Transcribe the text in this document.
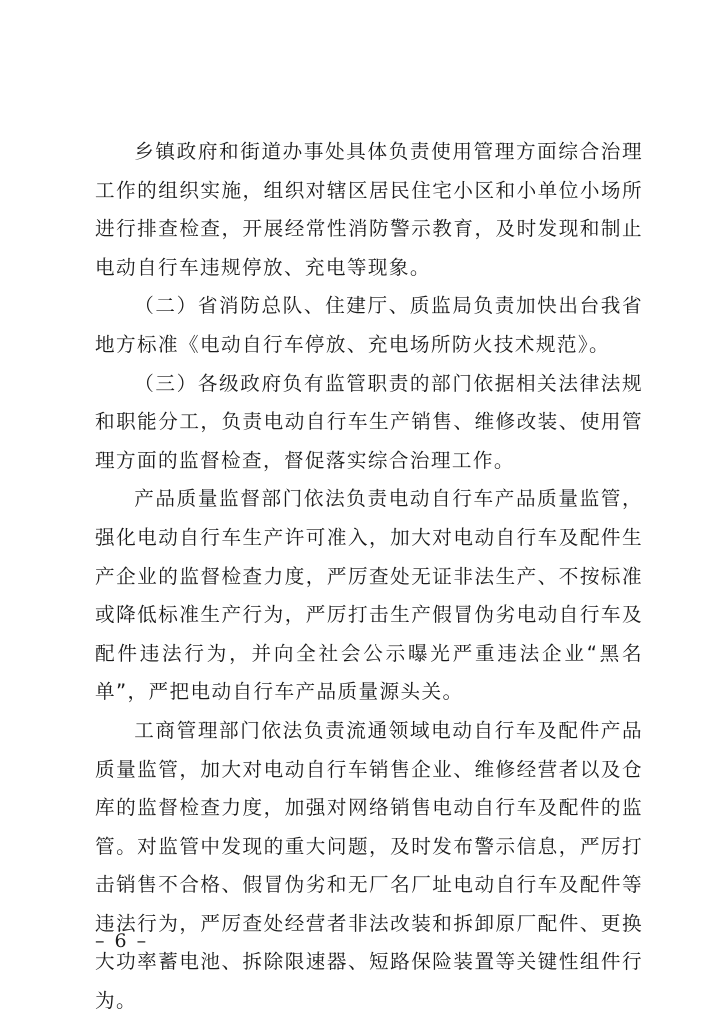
乡镇政府和街道办事处具体负责使用管理方面综合治理工作的组织实施，组织对辖区居民住宅小区和小单位小场所进行排查检查，开展经常性消防警示教育，及时发现和制止电动自行车违规停放、充电等现象。

（二）省消防总队、住建厅、质监局负责加快出台我省地方标准《电动自行车停放、充电场所防火技术规范》。

（三）各级政府负有监管职责的部门依据相关法律法规和职能分工，负责电动自行车生产销售、维修改装、使用管理方面的监督检查，督促落实综合治理工作。

产品质量监督部门依法负责电动自行车产品质量监管，强化电动自行车生产许可准入，加大对电动自行车及配件生产企业的监督检查力度，严厉查处无证非法生产、不按标准或降低标准生产行为，严厉打击生产假冒伪劣电动自行车及配件违法行为，并向全社会公示曝光严重违法企业“黑名单”，严把电动自行车产品质量源头关。

工商管理部门依法负责流通领域电动自行车及配件产品质量监管，加大对电动自行车销售企业、维修经营者以及仓库的监督检查力度，加强对网络销售电动自行车及配件的监管。对监管中发现的重大问题，及时发布警示信息，严厉打击销售不合格、假冒伪劣和无厂名厂址电动自行车及配件等违法行为，严厉查处经营者非法改装和拆卸原厂配件、更换大功率蓄电池、拆除限速器、短路保险装置等关键性组件行为。

– 6 –
